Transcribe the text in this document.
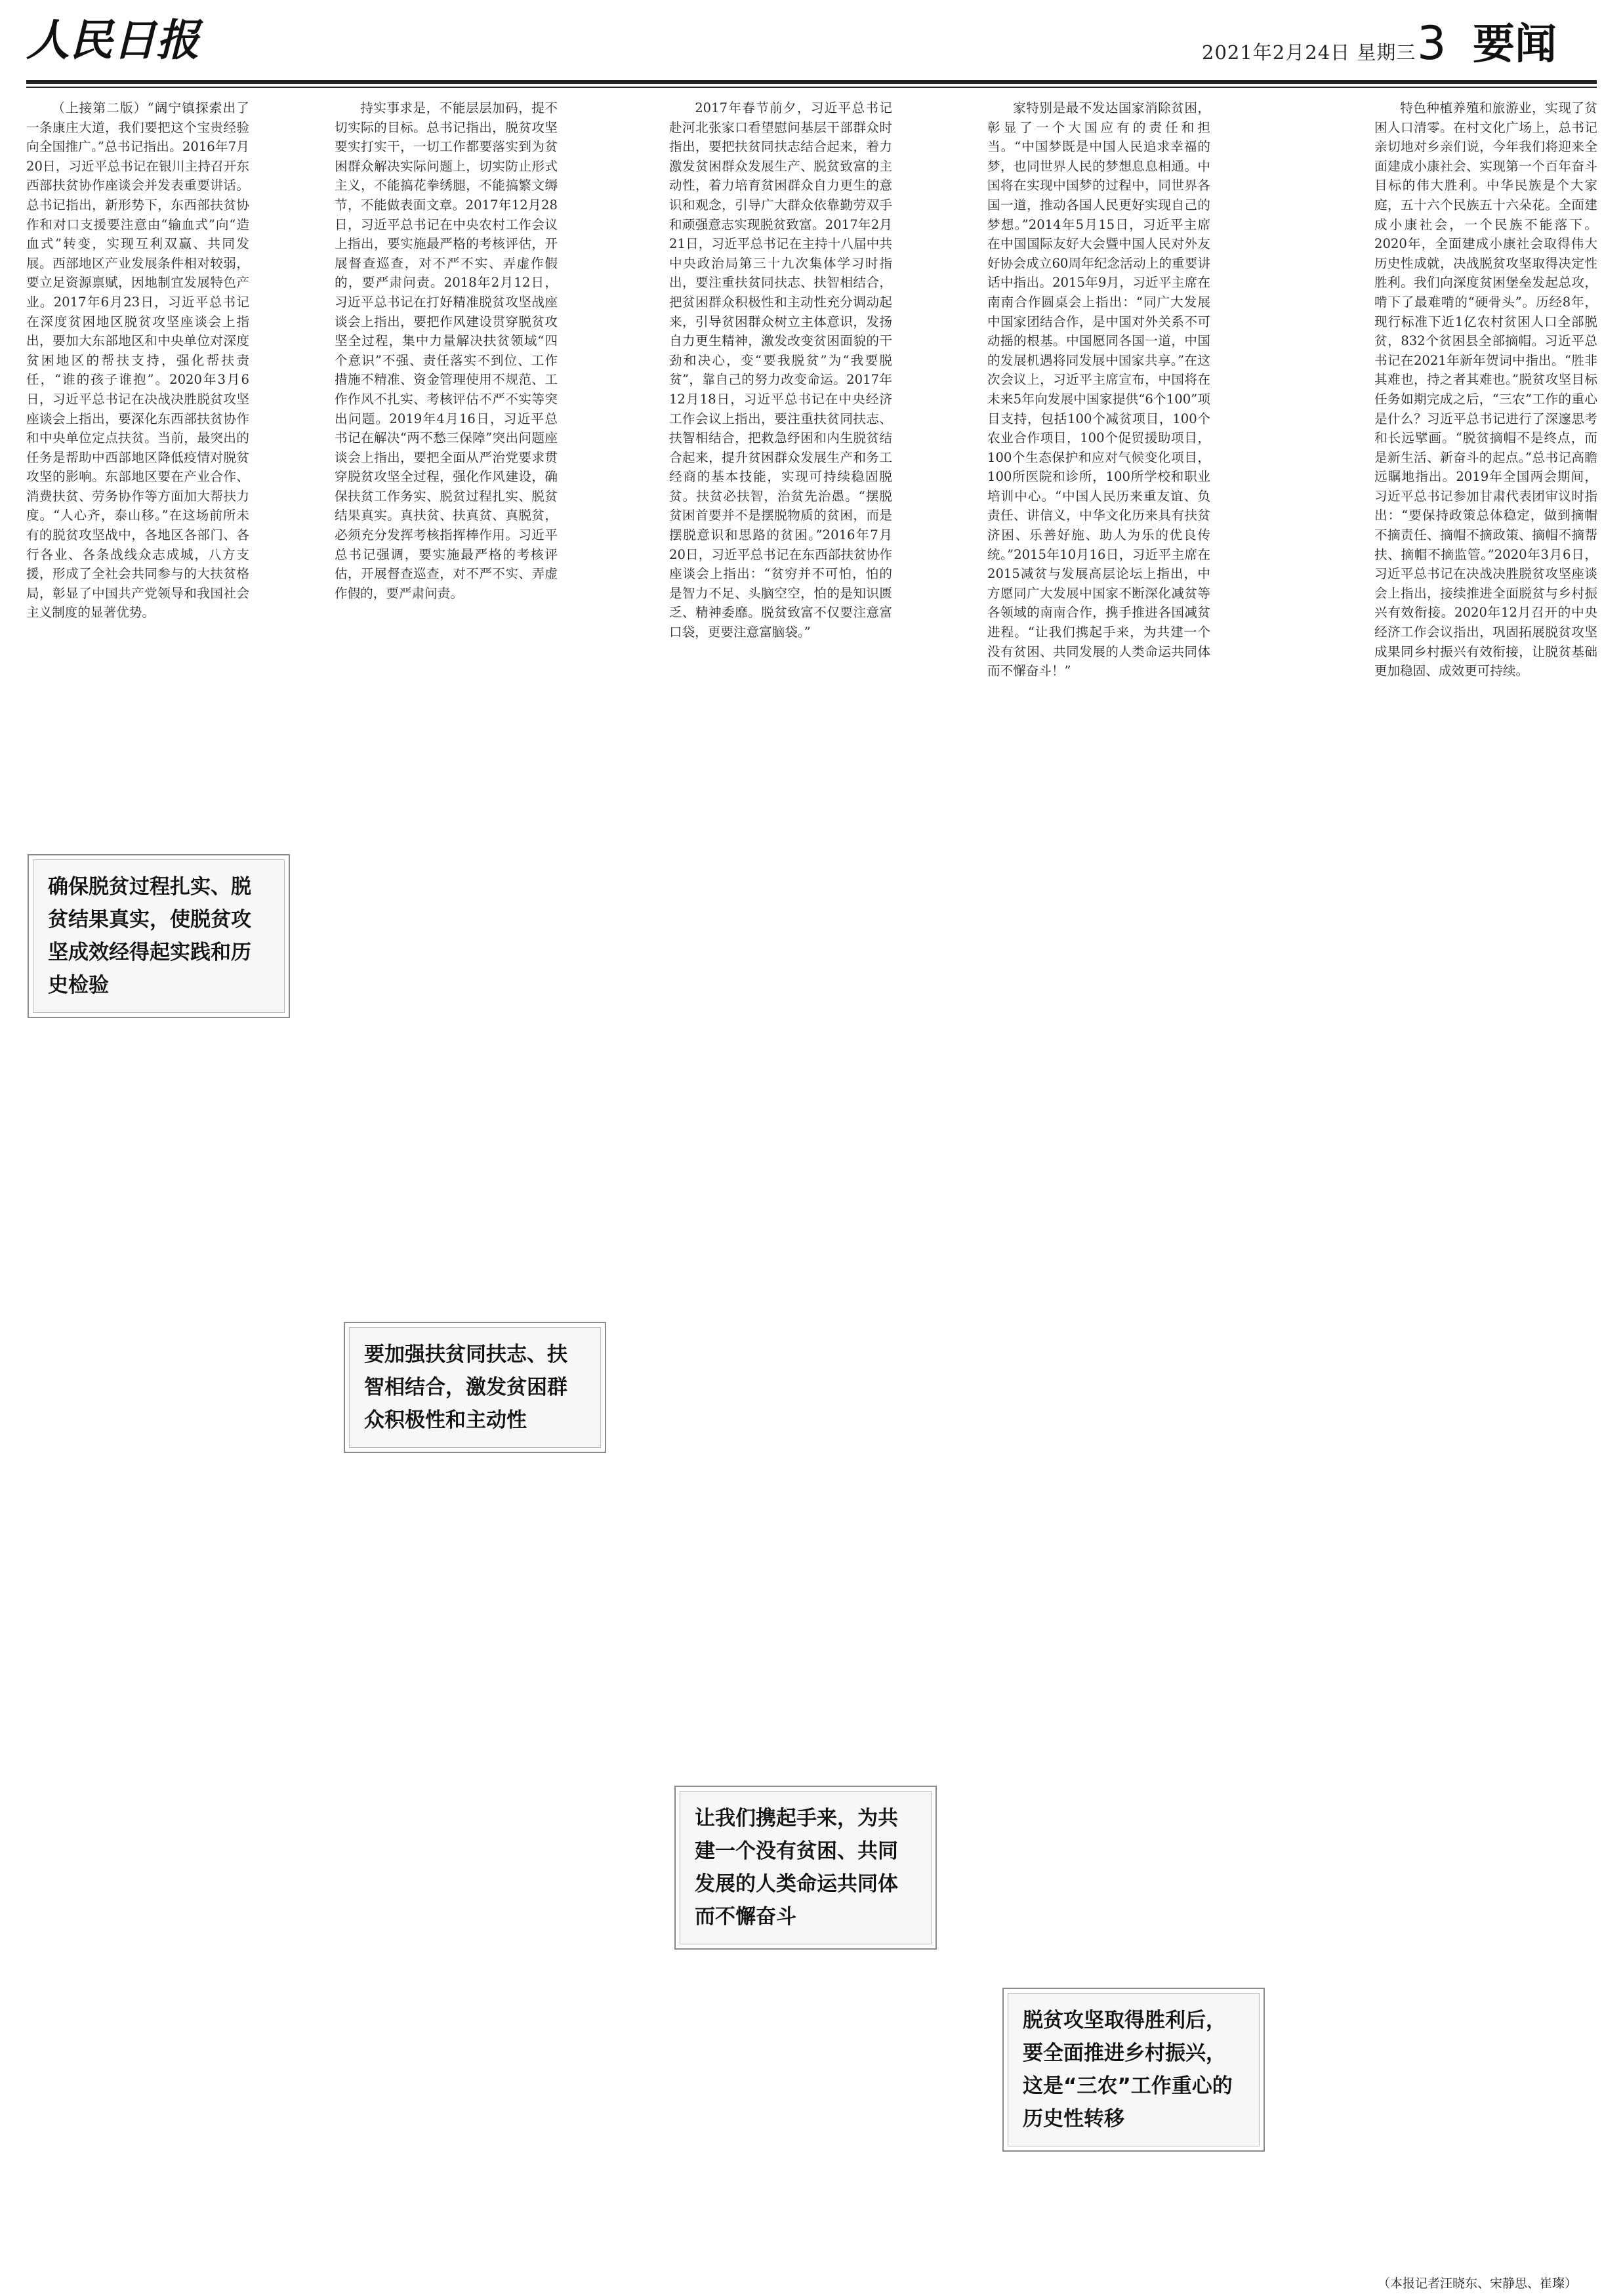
人民日报	2021年2月24日 星期三 3 要闻

（上接第二版）“阔宁镇探索出了一条康庄大道，我们要把这个宝贵经验向全国推广。”总书记指出。2016年7月20日，习近平总书记在银川主持召开东西部扶贫协作座谈会并发表重要讲话。总书记指出，新形势下，东西部扶贫协作和对口支援要注意由“输血式”向“造血式”转变，实现互利双赢、共同发展。西部地区产业发展条件相对较弱，要立足资源禀赋，因地制宜发展特色产业。2017年6月23日，习近平总书记在深度贫困地区脱贫攻坚座谈会上指出，要加大东部地区和中央单位对深度贫困地区的帮扶支持，强化帮扶责任，“谁的孩子谁抱”。2020年3月6日，习近平总书记在决战决胜脱贫攻坚座谈会上指出，要深化东西部扶贫协作和中央单位定点扶贫。当前，最突出的任务是帮助中西部地区降低疫情对脱贫攻坚的影响。东部地区要在产业合作、消费扶贫、劳务协作等方面加大帮扶力度。“人心齐，泰山移。”在这场前所未有的脱贫攻坚战中，各地区各部门、各行各业、各条战线众志成城，八方支援，形成了全社会共同参与的大扶贫格局，彰显了中国共产党领导和我国社会主义制度的显著优势。

持实事求是，不能层层加码，提不切实际的目标。总书记指出，脱贫攻坚要实打实干，一切工作都要落实到为贫困群众解决实际问题上，切实防止形式主义，不能搞花拳绣腿，不能搞繁文缛节，不能做表面文章。2017年12月28日，习近平总书记在中央农村工作会议上指出，要实施最严格的考核评估，开展督查巡查，对不严不实、弄虚作假的，要严肃问责。2018年2月12日，习近平总书记在打好精准脱贫攻坚战座谈会上指出，要把作风建设贯穿脱贫攻坚全过程，集中力量解决扶贫领域“四个意识”不强、责任落实不到位、工作措施不精准、资金管理使用不规范、工作作风不扎实、考核评估不严不实等突出问题。2019年4月16日，习近平总书记在解决“两不愁三保障”突出问题座谈会上指出，要把全面从严治党要求贯穿脱贫攻坚全过程，强化作风建设，确保扶贫工作务实、脱贫过程扎实、脱贫结果真实。真扶贫、扶真贫、真脱贫，必须充分发挥考核指挥棒作用。习近平总书记强调，要实施最严格的考核评估，开展督查巡查，对不严不实、弄虚作假的，要严肃问责。

2017年春节前夕，习近平总书记赴河北张家口看望慰问基层干部群众时指出，要把扶贫同扶志结合起来，着力激发贫困群众发展生产、脱贫致富的主动性，着力培育贫困群众自力更生的意识和观念，引导广大群众依靠勤劳双手和顽强意志实现脱贫致富。2017年2月21日，习近平总书记在主持十八届中共中央政治局第三十九次集体学习时指出，要注重扶贫同扶志、扶智相结合，把贫困群众积极性和主动性充分调动起来，引导贫困群众树立主体意识，发扬自力更生精神，激发改变贫困面貌的干劲和决心，变“要我脱贫”为“我要脱贫”，靠自己的努力改变命运。2017年12月18日，习近平总书记在中央经济工作会议上指出，要注重扶贫同扶志、扶智相结合，把救急纾困和内生脱贫结合起来，提升贫困群众发展生产和务工经商的基本技能，实现可持续稳固脱贫。扶贫必扶智，治贫先治愚。“摆脱贫困首要并不是摆脱物质的贫困，而是摆脱意识和思路的贫困。”2016年7月20日，习近平总书记在东西部扶贫协作座谈会上指出：“贫穷并不可怕，怕的是智力不足、头脑空空，怕的是知识匮乏、精神委靡。脱贫致富不仅要注意富口袋，更要注意富脑袋。”

家特别是最不发达国家消除贫困，彰显了一个大国应有的责任和担当。“中国梦既是中国人民追求幸福的梦，也同世界人民的梦想息息相通。中国将在实现中国梦的过程中，同世界各国一道，推动各国人民更好实现自己的梦想。”2014年5月15日，习近平主席在中国国际友好大会暨中国人民对外友好协会成立60周年纪念活动上的重要讲话中指出。2015年9月，习近平主席在南南合作圆桌会上指出：“同广大发展中国家团结合作，是中国对外关系不可动摇的根基。中国愿同各国一道，中国的发展机遇将同发展中国家共享。”在这次会议上，习近平主席宣布，中国将在未来5年向发展中国家提供“6个100”项目支持，包括100个减贫项目，100个农业合作项目，100个促贸援助项目，100个生态保护和应对气候变化项目，100所医院和诊所，100所学校和职业培训中心。“中国人民历来重友谊、负责任、讲信义，中华文化历来具有扶贫济困、乐善好施、助人为乐的优良传统。”2015年10月16日，习近平主席在2015减贫与发展高层论坛上指出，中方愿同广大发展中国家不断深化减贫等各领域的南南合作，携手推进各国减贫进程。“让我们携起手来，为共建一个没有贫困、共同发展的人类命运共同体而不懈奋斗！”

特色种植养殖和旅游业，实现了贫困人口清零。在村文化广场上，总书记亲切地对乡亲们说，今年我们将迎来全面建成小康社会、实现第一个百年奋斗目标的伟大胜利。中华民族是个大家庭，五十六个民族五十六朵花。全面建成小康社会，一个民族不能落下。2020年，全面建成小康社会取得伟大历史性成就，决战脱贫攻坚取得决定性胜利。我们向深度贫困堡垒发起总攻，啃下了最难啃的“硬骨头”。历经8年，现行标准下近1亿农村贫困人口全部脱贫，832个贫困县全部摘帽。习近平总书记在2021年新年贺词中指出。“胜非其难也，持之者其难也。”脱贫攻坚目标任务如期完成之后，“三农”工作的重心是什么？习近平总书记进行了深邃思考和长远擘画。“脱贫摘帽不是终点，而是新生活、新奋斗的起点。”总书记高瞻远瞩地指出。2019年全国两会期间，习近平总书记参加甘肃代表团审议时指出：“要保持政策总体稳定，做到摘帽不摘责任、摘帽不摘政策、摘帽不摘帮扶、摘帽不摘监管。”2020年3月6日，习近平总书记在决战决胜脱贫攻坚座谈会上指出，接续推进全面脱贫与乡村振兴有效衔接。2020年12月召开的中央经济工作会议指出，巩固拓展脱贫攻坚成果同乡村振兴有效衔接，让脱贫基础更加稳固、成效更可持续。

确保脱贫过程扎实、脱贫结果真实，使脱贫攻坚成效经得起实践和历史检验
要加强扶贫同扶志、扶智相结合，激发贫困群众积极性和主动性
让我们携起手来，为共建一个没有贫困、共同发展的人类命运共同体而不懈奋斗
脱贫攻坚取得胜利后，要全面推进乡村振兴，这是“三农”工作重心的历史性转移
（本报记者汪晓东、宋静思、崔璨）
